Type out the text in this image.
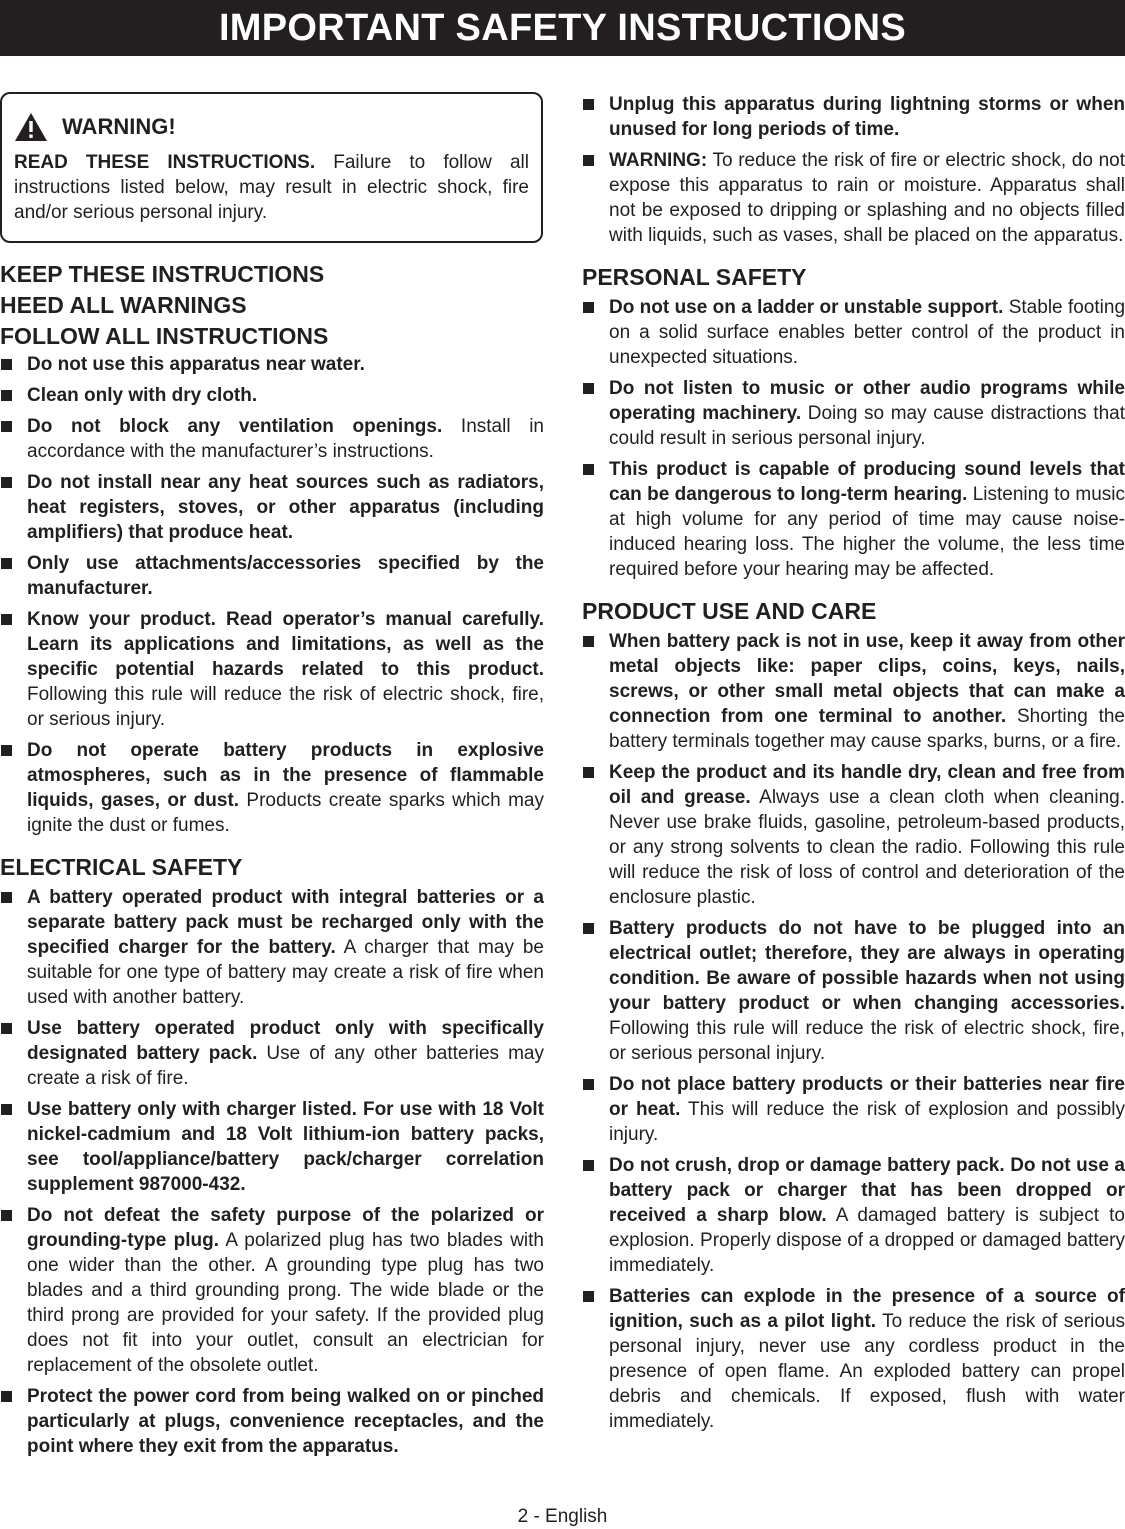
IMPORTANT SAFETY INSTRUCTIONS
WARNING!
READ THESE INSTRUCTIONS. Failure to follow all instructions listed below, may result in electric shock, fire and/or serious personal injury.
KEEP THESE INSTRUCTIONS
HEED ALL WARNINGS
FOLLOW ALL INSTRUCTIONS
Do not use this apparatus near water.
Clean only with dry cloth.
Do not block any ventilation openings. Install in accordance with the manufacturer’s instructions.
Do not install near any heat sources such as radiators, heat registers, stoves, or other apparatus (including amplifiers) that produce heat.
Only use attachments/accessories specified by the manufacturer.
Know your product. Read operator’s manual carefully. Learn its applications and limitations, as well as the specific potential hazards related to this product. Following this rule will reduce the risk of electric shock, fire, or serious injury.
Do not operate battery products in explosive atmospheres, such as in the presence of flammable liquids, gases, or dust. Products create sparks which may ignite the dust or fumes.
ELECTRICAL SAFETY
A battery operated product with integral batteries or a separate battery pack must be recharged only with the specified charger for the battery. A charger that may be suitable for one type of battery may create a risk of fire when used with another battery.
Use battery operated product only with specifically designated battery pack. Use of any other batteries may create a risk of fire.
Use battery only with charger listed. For use with 18 Volt nickel-cadmium and 18 Volt lithium-ion battery packs, see tool/appliance/battery pack/charger correlation supplement 987000-432.
Do not defeat the safety purpose of the polarized or grounding-type plug. A polarized plug has two blades with one wider than the other. A grounding type plug has two blades and a third grounding prong. The wide blade or the third prong are provided for your safety. If the provided plug does not fit into your outlet, consult an electrician for replacement of the obsolete outlet.
Protect the power cord from being walked on or pinched particularly at plugs, convenience receptacles, and the point where they exit from the apparatus.
Unplug this apparatus during lightning storms or when unused for long periods of time.
WARNING: To reduce the risk of fire or electric shock, do not expose this apparatus to rain or moisture. Apparatus shall not be exposed to dripping or splashing and no objects filled with liquids, such as vases, shall be placed on the apparatus.
PERSONAL SAFETY
Do not use on a ladder or unstable support. Stable footing on a solid surface enables better control of the product in unexpected situations.
Do not listen to music or other audio programs while operating machinery. Doing so may cause distractions that could result in serious personal injury.
This product is capable of producing sound levels that can be dangerous to long-term hearing. Listening to music at high volume for any period of time may cause noise-induced hearing loss. The higher the volume, the less time required before your hearing may be affected.
PRODUCT USE AND CARE
When battery pack is not in use, keep it away from other metal objects like: paper clips, coins, keys, nails, screws, or other small metal objects that can make a connection from one terminal to another. Shorting the battery terminals together may cause sparks, burns, or a fire.
Keep the product and its handle dry, clean and free from oil and grease. Always use a clean cloth when cleaning. Never use brake fluids, gasoline, petroleum-based products, or any strong solvents to clean the radio. Following this rule will reduce the risk of loss of control and deterioration of the enclosure plastic.
Battery products do not have to be plugged into an electrical outlet; therefore, they are always in operating condition. Be aware of possible hazards when not using your battery product or when changing accessories. Following this rule will reduce the risk of electric shock, fire, or serious personal injury.
Do not place battery products or their batteries near fire or heat. This will reduce the risk of explosion and possibly injury.
Do not crush, drop or damage battery pack. Do not use a battery pack or charger that has been dropped or received a sharp blow. A damaged battery is subject to explosion. Properly dispose of a dropped or damaged battery immediately.
Batteries can explode in the presence of a source of ignition, such as a pilot light. To reduce the risk of serious personal injury, never use any cordless product in the presence of open flame. An exploded battery can propel debris and chemicals. If exposed, flush with water immediately.
2 - English
